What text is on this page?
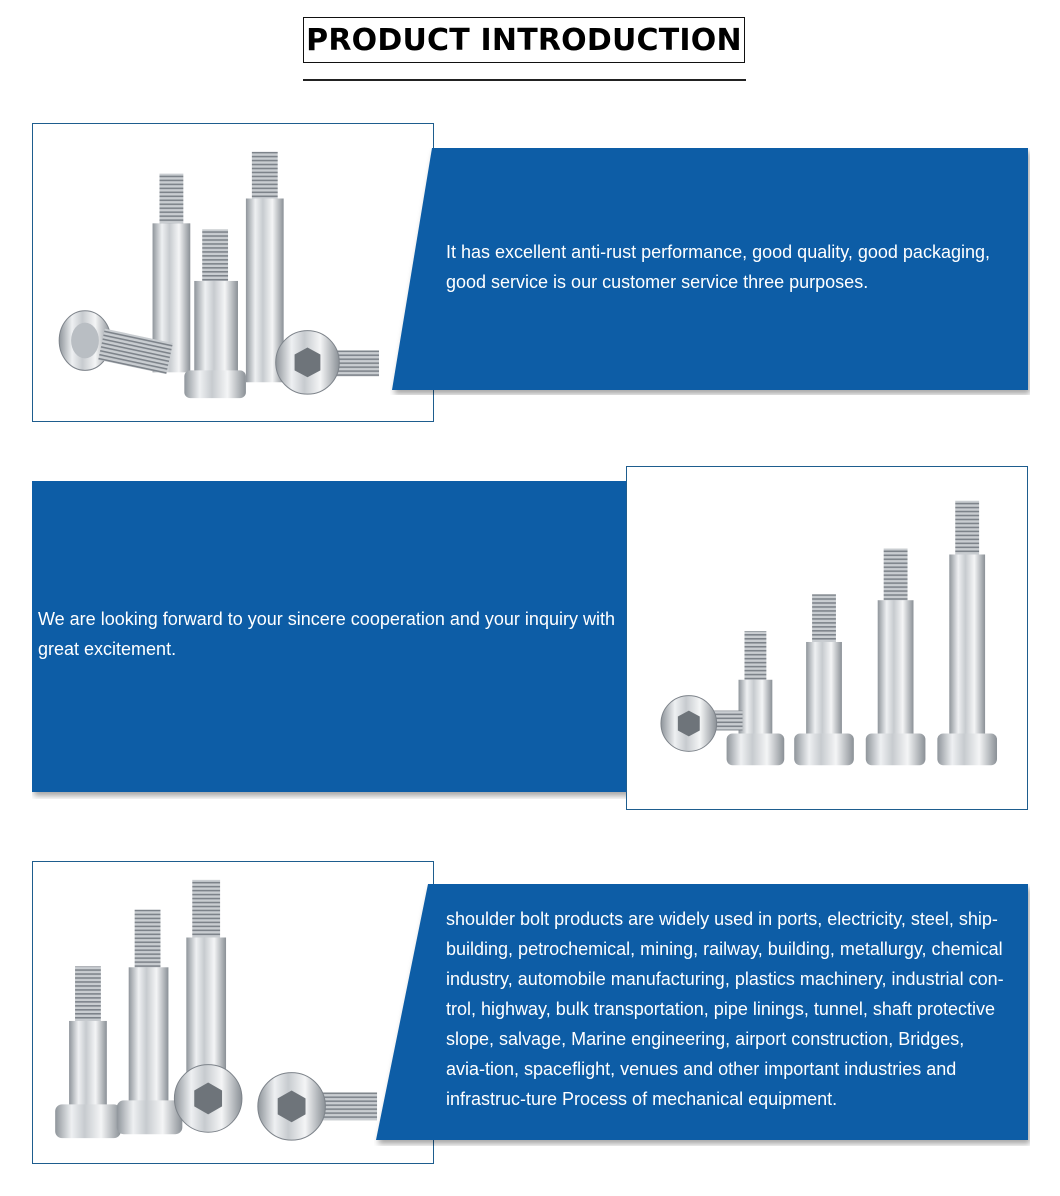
PRODUCT INTRODUCTION
It has excellent anti-rust performance, good quality, good packaging, good service is our customer service three purposes.
We are looking forward to your sincere cooperation and your inquiry with great excitement.
shoulder bolt products are widely used in ports, electricity, steel, ship-building, petrochemical, mining, railway, building, metallurgy, chemical industry, automobile manufacturing, plastics machinery, industrial con-trol, highway, bulk transportation, pipe linings, tunnel, shaft protective slope, salvage, Marine engineering, airport construction, Bridges, avia-tion, spaceflight, venues and other important industries and infrastruc-ture Process of mechanical equipment.
